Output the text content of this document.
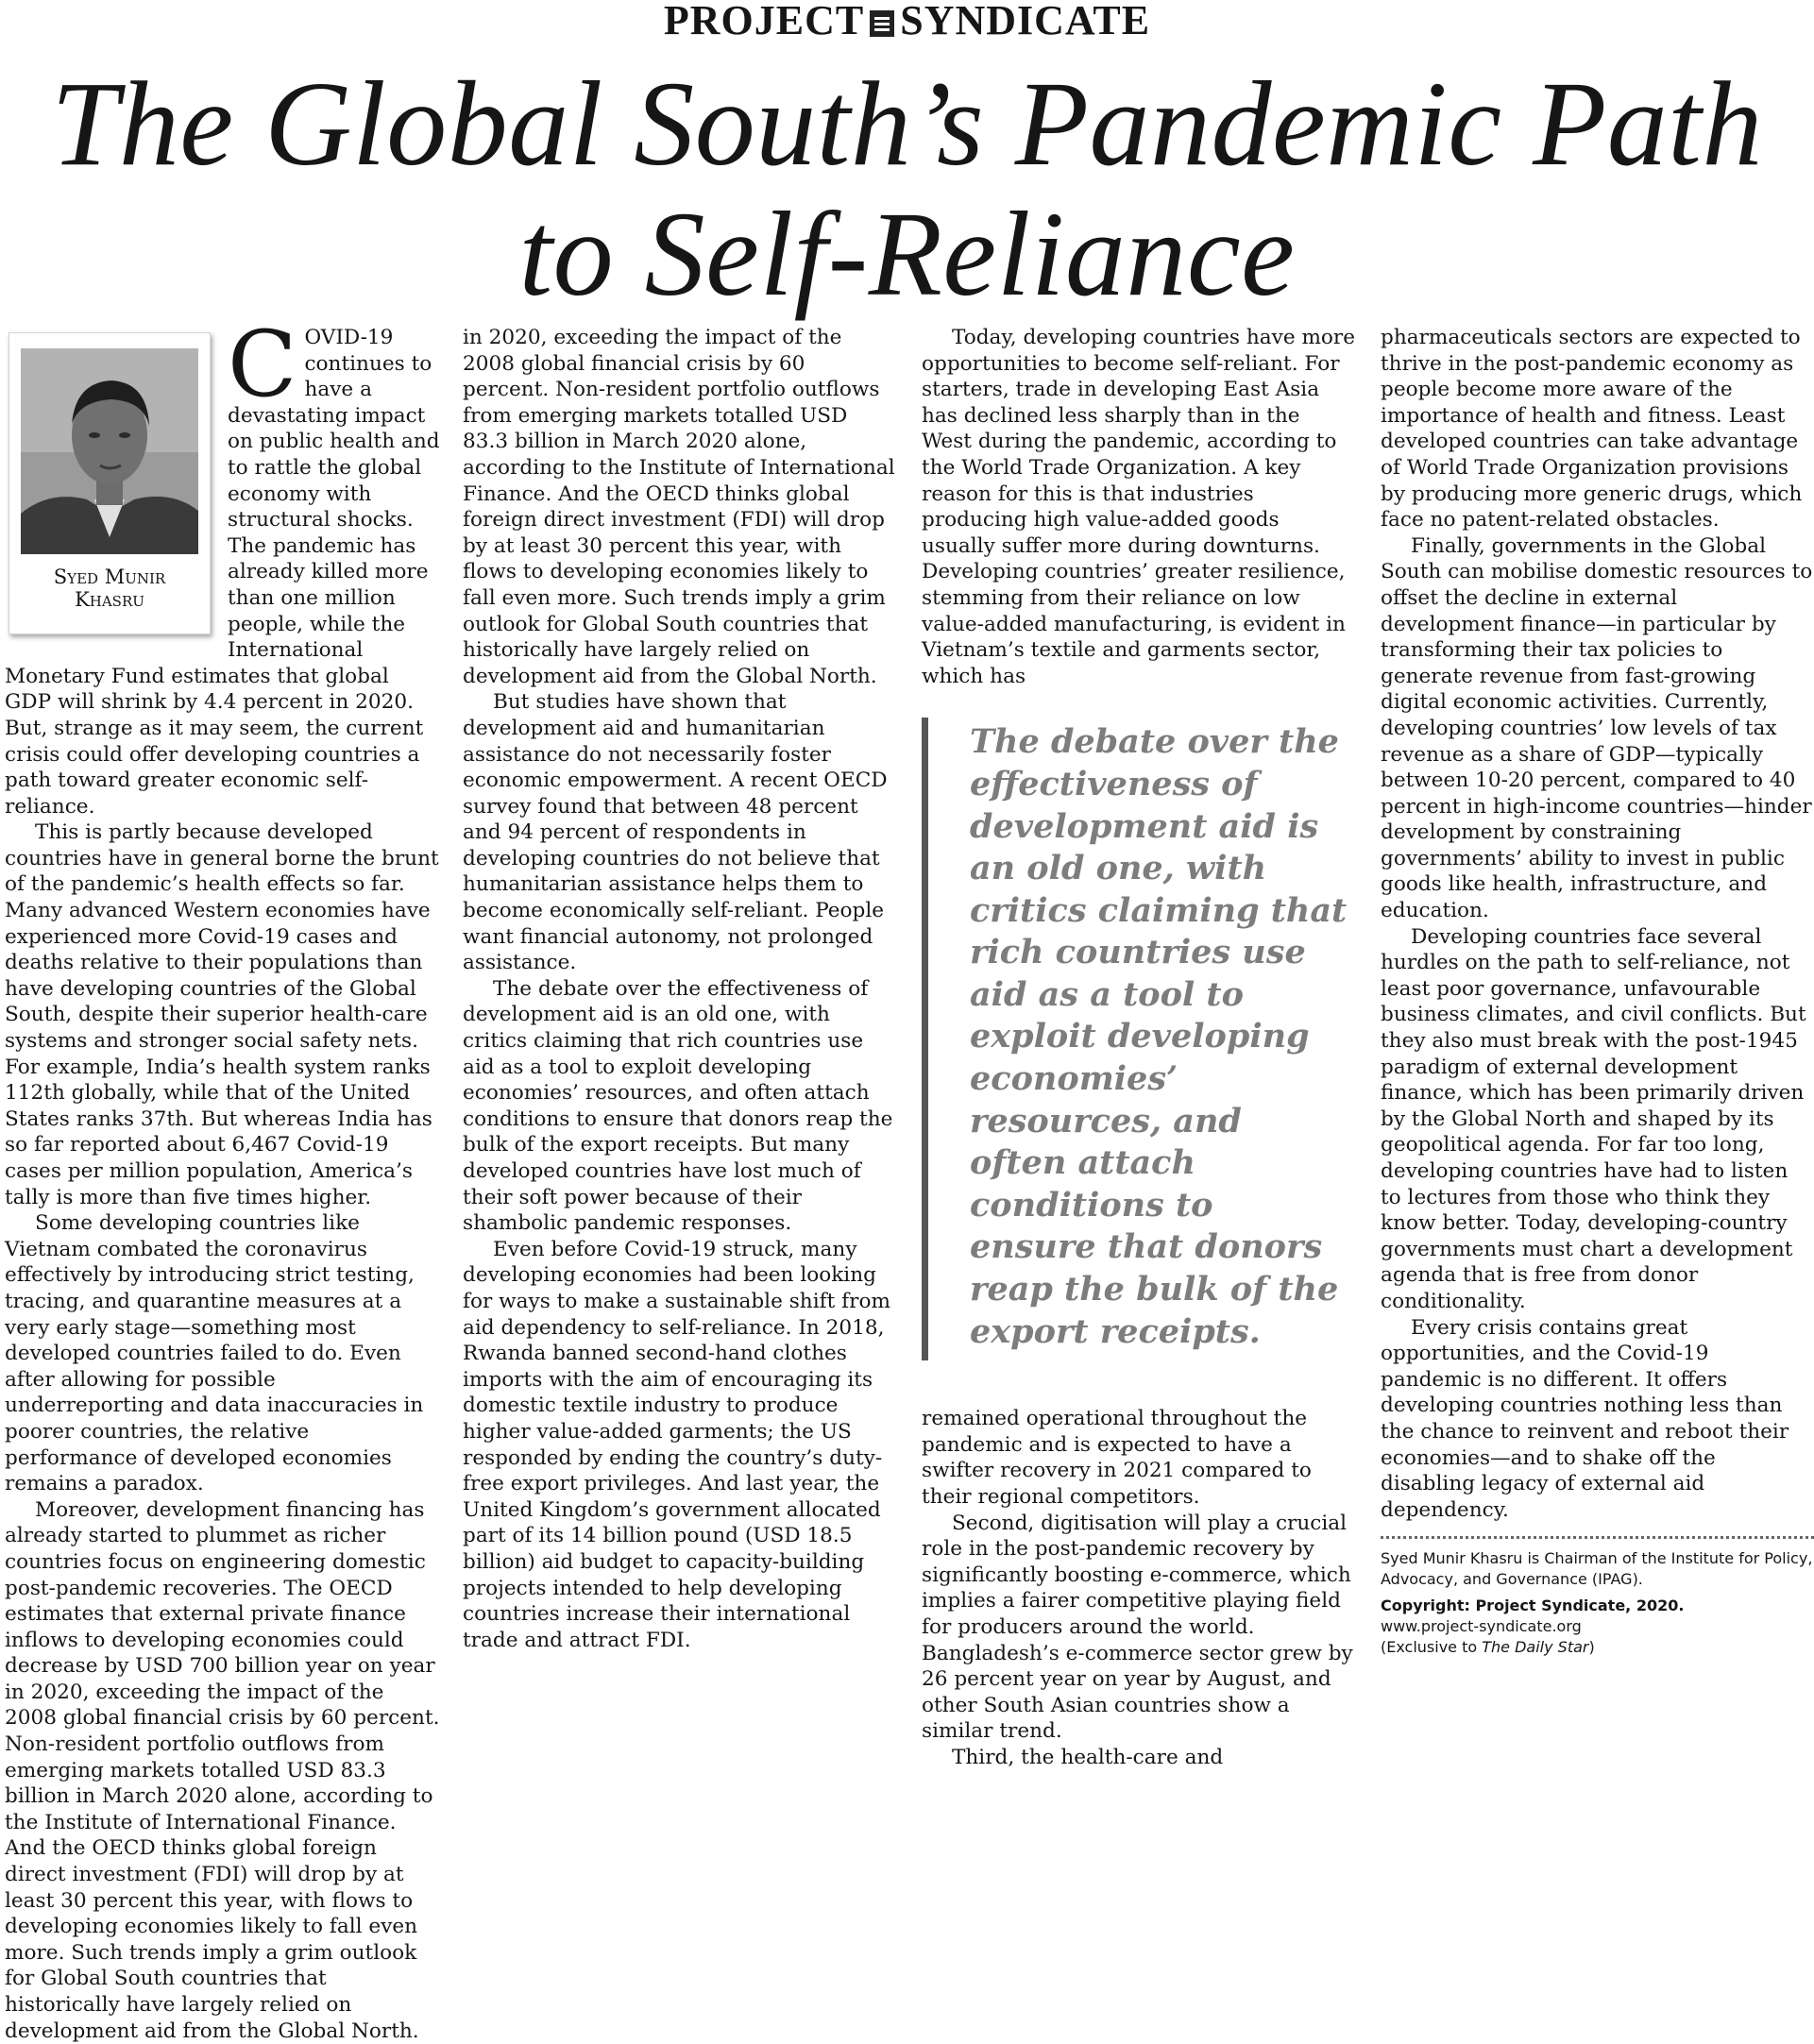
PROJECT SYNDICATE
The Global South’s Pandemic Path
to Self-Reliance
Syed Munir
Khasru

COVID-19 continues to have a devastating impact on public health and to rattle the global economy with structural shocks. The pandemic has already killed more than one million people, while the International Monetary Fund estimates that global GDP will shrink by 4.4 percent in 2020. But, strange as it may seem, the current crisis could offer developing countries a path toward greater economic self-reliance.

This is partly because developed countries have in general borne the brunt of the pandemic’s health effects so far. Many advanced Western economies have experienced more Covid-19 cases and deaths relative to their populations than have developing countries of the Global South, despite their superior health-care systems and stronger social safety nets. For example, India’s health system ranks 112th globally, while that of the United States ranks 37th. But whereas India has so far reported about 6,467 Covid-19 cases per million population, America’s tally is more than five times higher.

Some developing countries like Vietnam combated the coronavirus effectively by introducing strict testing, tracing, and quarantine measures at a very early stage—something most developed countries failed to do. Even after allowing for possible underreporting and data inaccuracies in poorer countries, the relative performance of developed economies remains a paradox.

Moreover, development financing has already started to plummet as richer countries focus on engineering domestic post-pandemic recoveries. The OECD estimates that external private finance inflows to developing economies could decrease by USD 700 billion year on year in 2020, exceeding the impact of the 2008 global financial crisis by 60 percent. Non-resident portfolio outflows from emerging markets totalled USD 83.3 billion in March 2020 alone, according to the Institute of International Finance. And the OECD thinks global foreign direct investment (FDI) will drop by at least 30 percent this year, with flows to developing economies likely to fall even more. Such trends imply a grim outlook for Global South countries that historically have largely relied on development aid from the Global North.

in 2020, exceeding the impact of the 2008 global financial crisis by 60 percent. Non-resident portfolio outflows from emerging markets totalled USD 83.3 billion in March 2020 alone, according to the Institute of International Finance. And the OECD thinks global foreign direct investment (FDI) will drop by at least 30 percent this year, with flows to developing economies likely to fall even more. Such trends imply a grim outlook for Global South countries that historically have largely relied on development aid from the Global North.

But studies have shown that development aid and humanitarian assistance do not necessarily foster economic empowerment. A recent OECD survey found that between 48 percent and 94 percent of respondents in developing countries do not believe that humanitarian assistance helps them to become economically self-reliant. People want financial autonomy, not prolonged assistance.

The debate over the effectiveness of development aid is an old one, with critics claiming that rich countries use aid as a tool to exploit developing economies’ resources, and often attach conditions to ensure that donors reap the bulk of the export receipts. But many developed countries have lost much of their soft power because of their shambolic pandemic responses.

Even before Covid-19 struck, many developing economies had been looking for ways to make a sustainable shift from aid dependency to self-reliance. In 2018, Rwanda banned second-hand clothes imports with the aim of encouraging its domestic textile industry to produce higher value-added garments; the US responded by ending the country’s duty-free export privileges. And last year, the United Kingdom’s government allocated part of its 14 billion pound (USD 18.5 billion) aid budget to capacity-building projects intended to help developing countries increase their international trade and attract FDI.

Today, developing countries have more opportunities to become self-reliant. For starters, trade in developing East Asia has declined less sharply than in the West during the pandemic, according to the World Trade Organization. A key reason for this is that industries producing high value-added goods usually suffer more during downturns. Developing countries’ greater resilience, stemming from their reliance on low value-added manufacturing, is evident in Vietnam’s textile and garments sector, which has

The debate over the effectiveness of development aid is an old one, with critics claiming that rich countries use aid as a tool to exploit developing economies’ resources, and often attach conditions to ensure that donors reap the bulk of the export receipts.

remained operational throughout the pandemic and is expected to have a swifter recovery in 2021 compared to their regional competitors.

Second, digitisation will play a crucial role in the post-pandemic recovery by significantly boosting e-commerce, which implies a fairer competitive playing field for producers around the world. Bangladesh’s e-commerce sector grew by 26 percent year on year by August, and other South Asian countries show a similar trend.

Third, the health-care and

pharmaceuticals sectors are expected to thrive in the post-pandemic economy as people become more aware of the importance of health and fitness. Least developed countries can take advantage of World Trade Organization provisions by producing more generic drugs, which face no patent-related obstacles.

Finally, governments in the Global South can mobilise domestic resources to offset the decline in external development finance—in particular by transforming their tax policies to generate revenue from fast-growing digital economic activities. Currently, developing countries’ low levels of tax revenue as a share of GDP—typically between 10-20 percent, compared to 40 percent in high-income countries—hinder development by constraining governments’ ability to invest in public goods like health, infrastructure, and education.

Developing countries face several hurdles on the path to self-reliance, not least poor governance, unfavourable business climates, and civil conflicts. But they also must break with the post-1945 paradigm of external development finance, which has been primarily driven by the Global North and shaped by its geopolitical agenda. For far too long, developing countries have had to listen to lectures from those who think they know better. Today, developing-country governments must chart a development agenda that is free from donor conditionality.

Every crisis contains great opportunities, and the Covid-19 pandemic is no different. It offers developing countries nothing less than the chance to reinvent and reboot their economies—and to shake off the disabling legacy of external aid dependency.

Syed Munir Khasru is Chairman of the Institute for Policy, Advocacy, and Governance (IPAG).

Copyright: Project Syndicate, 2020.

www.project-syndicate.org

(Exclusive to The Daily Star)
